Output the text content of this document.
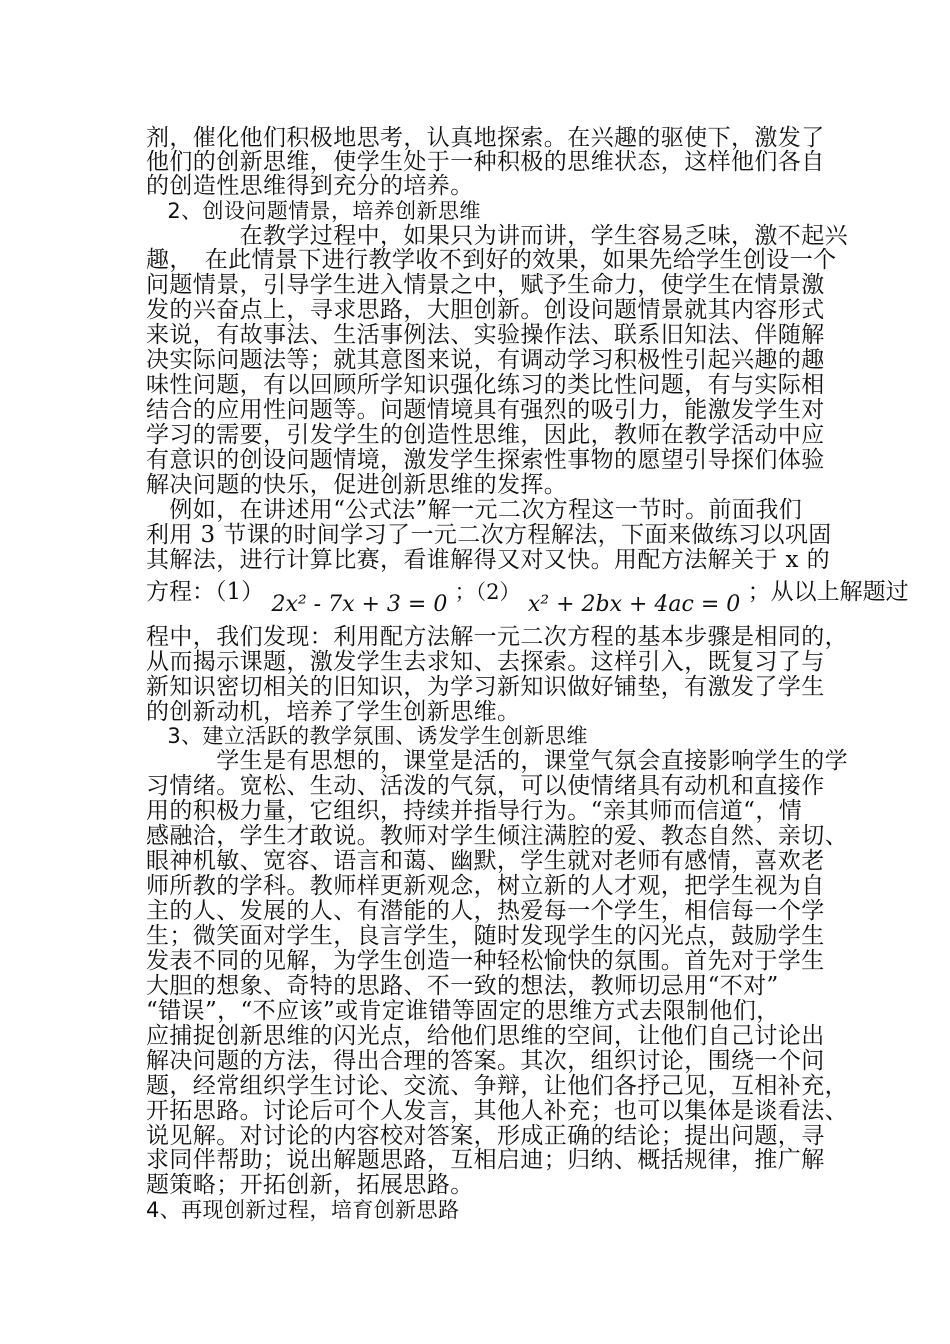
剂，催化他们积极地思考，认真地探索。在兴趣的驱使下，激发了
他们的创新思维，使学生处于一种积极的思维状态，这样他们各自
的创造性思维得到充分的培养。
　2、创设问题情景，培养创新思维
　　　　在教学过程中，如果只为讲而讲，学生容易乏味，激不起兴
趣，　在此情景下进行教学收不到好的效果，如果先给学生创设一个
问题情景，引导学生进入情景之中，赋予生命力，使学生在情景激
发的兴奋点上，寻求思路，大胆创新。创设问题情景就其内容形式
来说，有故事法、生活事例法、实验操作法、联系旧知法、伴随解
决实际问题法等；就其意图来说，有调动学习积极性引起兴趣的趣
味性问题，有以回顾所学知识强化练习的类比性问题，有与实际相
结合的应用性问题等。问题情境具有强烈的吸引力，能激发学生对
学习的需要，引发学生的创造性思维，因此，教师在教学活动中应
有意识的创设问题情境，激发学生探索性事物的愿望引导探们体验
解决问题的快乐，促进创新思维的发挥。
　例如，在讲述用“公式法”解一元二次方程这一节时。前面我们
利用 3 节课的时间学习了一元二次方程解法，下面来做练习以巩固
其解法，进行计算比赛，看谁解得又对又快。用配方法解关于 x 的
方程：（1） 2x² - 7x + 3 = 0 ；（2） x² + 2bx + 4ac = 0 ；从以上解题过
程中，我们发现：利用配方法解一元二次方程的基本步骤是相同的，
从而揭示课题，激发学生去求知、去探索。这样引入，既复习了与
新知识密切相关的旧知识，为学习新知识做好铺垫，有激发了学生
的创新动机，培养了学生创新思维。
　3、建立活跃的教学氛围、诱发学生创新思维
　　　学生是有思想的，课堂是活的，课堂气氛会直接影响学生的学
习情绪。宽松、生动、活泼的气氛，可以使情绪具有动机和直接作
用的积极力量，它组织，持续并指导行为。“亲其师而信道“，情
感融洽，学生才敢说。教师对学生倾注满腔的爱、教态自然、亲切、
眼神机敏、宽容、语言和蔼、幽默，学生就对老师有感情，喜欢老
师所教的学科。教师样更新观念，树立新的人才观，把学生视为自
主的人、发展的人、有潜能的人，热爱每一个学生，相信每一个学
生；微笑面对学生，良言学生，随时发现学生的闪光点，鼓励学生
发表不同的见解，为学生创造一种轻松愉快的氛围。首先对于学生
大胆的想象、奇特的思路、不一致的想法，教师切忌用“不对”
“错误”，“不应该”或肯定谁错等固定的思维方式去限制他们，
应捕捉创新思维的闪光点，给他们思维的空间，让他们自己讨论出
解决问题的方法，得出合理的答案。其次，组织讨论，围绕一个问
题，经常组织学生讨论、交流、争辩，让他们各抒己见，互相补充，
开拓思路。讨论后可个人发言，其他人补充；也可以集体是谈看法、
说见解。对讨论的内容校对答案，形成正确的结论；提出问题，寻
求同伴帮助；说出解题思路，互相启迪；归纳、概括规律，推广解
题策略；开拓创新，拓展思路。
4、再现创新过程，培育创新思路
